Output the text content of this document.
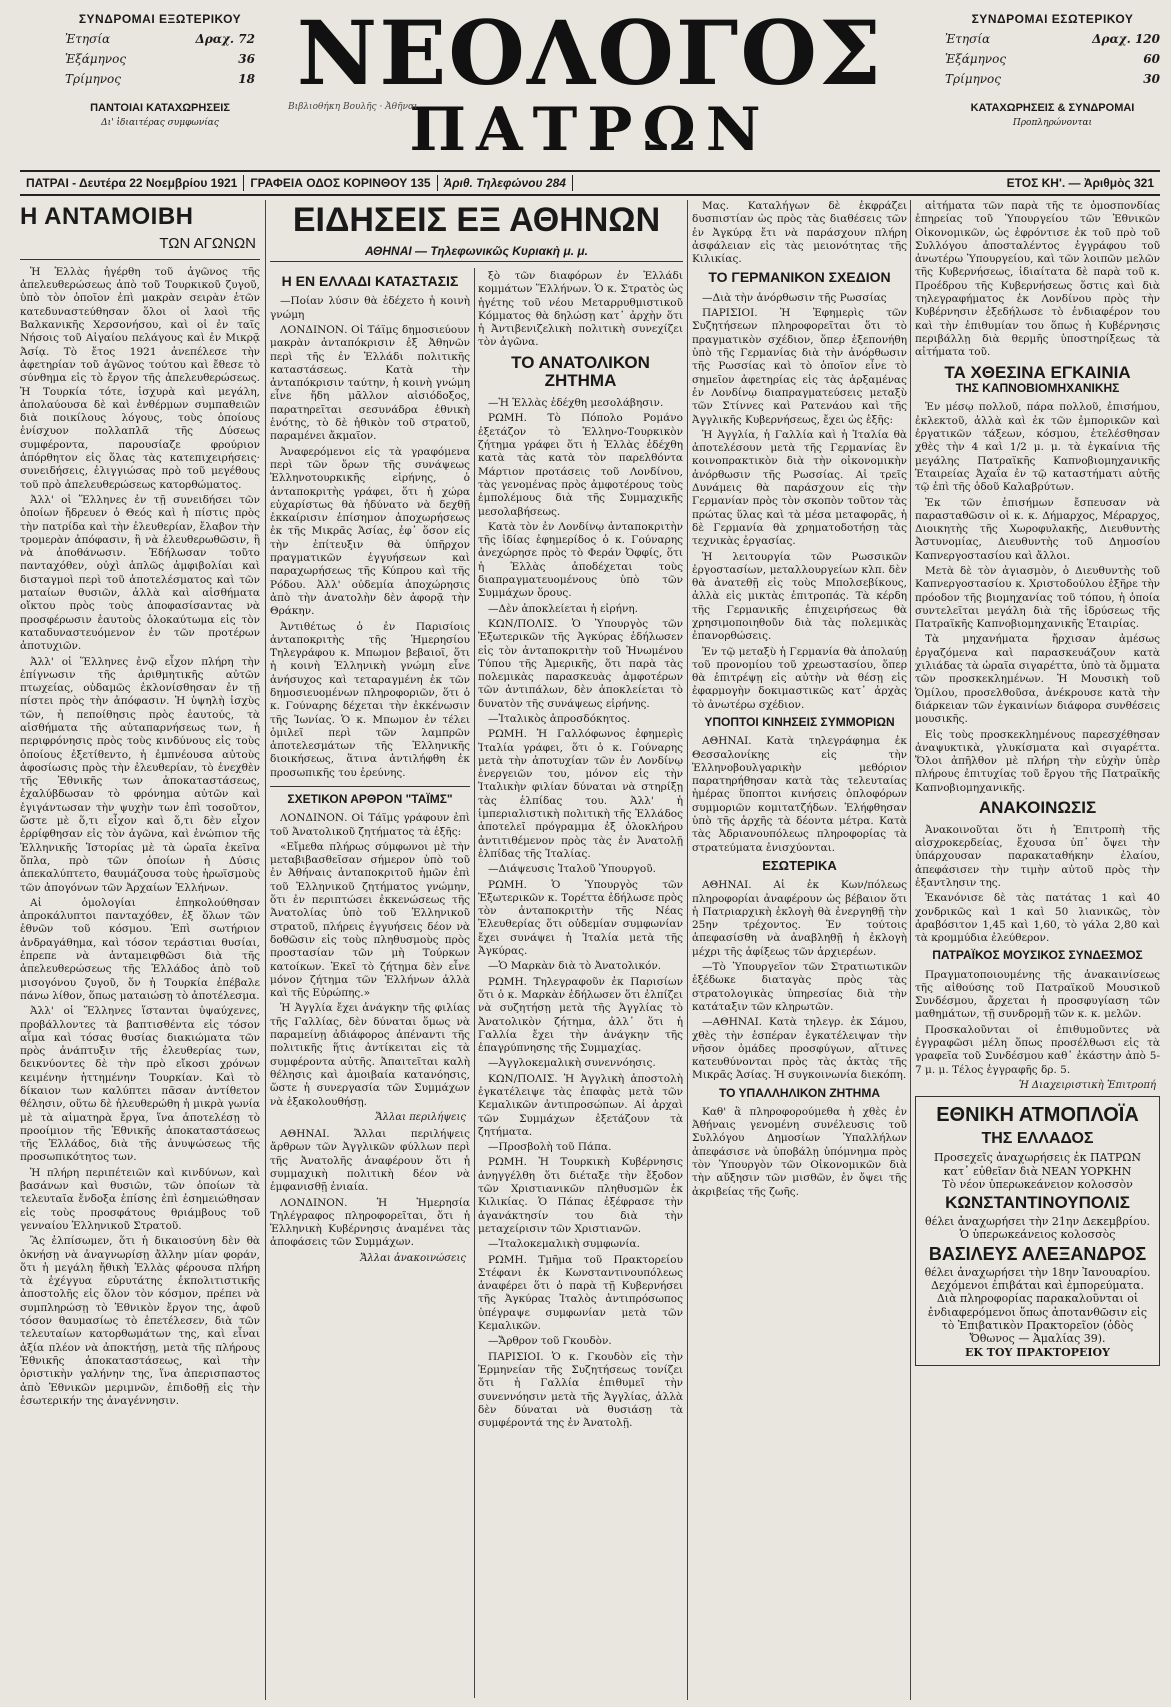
ΣΥΝΔΡΟΜΑΙ ΕΞΩΤΕΡΙΚΟΥ
Ἐτησία	Δραχ. 72
Ἑξάμηνος	36
Τρίμηνος	18
ΠΑΝΤΟΙΑΙ ΚΑΤΑΧΩΡΗΣΕΙΣ
Δι' ἰδιαιτέρας συμφωνίας
ΝΕΟΛΟΓΟΣ
ΠΑΤΡΩΝ
Βιβλιοθήκη Βουλῆς · Ἀθῆναι
ΣΥΝΔΡΟΜΑΙ ΕΣΩΤΕΡΙΚΟΥ
Ἐτησία	Δραχ. 120
Ἑξάμηνος	60
Τρίμηνος	30
ΚΑΤΑΧΩΡΗΣΕΙΣ & ΣΥΝΔΡΟΜΑΙ
Προπληρώνονται
ΠΑΤΡΑΙ - Δευτέρα 22 Νοεμβρίου 1921	ΓΡΑΦΕΙΑ ΟΔΟΣ ΚΟΡΙΝΘΟΥ 135	Ἀριθ. Τηλεφώνου 284	ΕΤΟΣ ΚΗ'. — Ἀριθμὸς 321
Η ΑΝΤΑΜΟΙΒΗ
ΤΩΝ ΑΓΩΝΩΝ

Ἡ Ἑλλὰς ἠγέρθη τοῦ ἀγῶνος τῆς ἀπελευθερώσεως ἀπὸ τοῦ Τουρκικοῦ ζυγοῦ, ὑπὸ τὸν ὁποῖον ἐπὶ μακρὰν σειρὰν ἐτῶν κατεδυναστεύθησαν ὅλοι οἱ λαοὶ τῆς Βαλκανικῆς Χερσονήσου, καὶ οἱ ἐν ταῖς Νήσοις τοῦ Αἰγαίου πελάγους καὶ ἐν Μικρᾷ Ἀσίᾳ. Τὸ ἔτος 1921 ἀνεπέλεσε τὴν ἀφετηρίαν τοῦ ἀγῶνος τούτου καὶ ἔθεσε τὸ σύνθημα εἰς τὸ ἔργον τῆς ἀπελευθερώσεως. Ἡ Τουρκία τότε, ἰσχυρὰ καὶ μεγάλη, ἀπολαύουσα δὲ καὶ ἐνθέρμων συμπαθειῶν διὰ ποικίλους λόγους, τοὺς ὁποίους ἐνίσχυον πολλαπλᾶ τῆς Δύσεως συμφέροντα, παρουσίαζε φρούριον ἀπόρθητον εἰς ὅλας τὰς κατεπιχειρήσεις· συνειδήσεις, ἐλιγγιώσας πρὸ τοῦ μεγέθους τοῦ πρὸ ἀπελευθερώσεως κατορθώματος.

Ἀλλ' οἱ Ἕλληνες ἐν τῇ συνειδήσει τῶν ὁποίων ἤδρευεν ὁ Θεός καὶ ἡ πίστις πρὸς τὴν πατρίδα καὶ τὴν ἐλευθερίαν, ἔλαβον τὴν τρομερὰν ἀπόφασιν, ἢ νὰ ἐλευθερωθῶσιν, ἢ νὰ ἀποθάνωσιν. Ἐδήλωσαν τοῦτο πανταχόθεν, οὐχὶ ἁπλῶς ἀμφιβολίαι καὶ δισταγμοὶ περὶ τοῦ ἀποτελέσματος καὶ τῶν ματαίων θυσιῶν, ἀλλὰ καὶ αἰσθήματα οἴκτου πρὸς τοὺς ἀποφασίσαντας νὰ προσφέρωσιν ἑαυτοὺς ὁλοκαύτωμα εἰς τὸν καταδυναστευόμενον ἐν τῶν προτέρων ἀποτυχιῶν.

Ἀλλ' οἱ Ἕλληνες ἐνῷ εἶχον πλήρη τὴν ἐπίγνωσιν τῆς ἀριθμητικῆς αὐτῶν πτωχείας, οὐδαμῶς ἐκλονίσθησαν ἐν τῇ πίστει πρὸς τὴν ἀπόφασιν. Ἡ ὑψηλὴ ἰσχὺς τῶν, ἡ πεποίθησις πρὸς ἑαυτούς, τὰ αἰσθήματα τῆς αὐταπαρνήσεως των, ἡ περιφρόνησις πρὸς τοὺς κινδύνους εἰς τοὺς ὁποίους ἐξετίθεντο, ἡ ἐμπνέουσα αὐτοὺς ἀφοσίωσις πρὸς τὴν ἐλευθερίαν, τὸ ἐνεχθὲν τῆς Ἐθνικῆς των ἀποκαταστάσεως, ἐχαλύβδωσαν τὸ φρόνημα αὐτῶν καὶ ἐγιγάντωσαν τὴν ψυχὴν των ἐπὶ τοσοῦτον, ὥστε μὲ ὅ,τι εἶχον καὶ ὅ,τι δὲν εἶχον ἐρρίφθησαν εἰς τὸν ἀγῶνα, καὶ ἐνώπιον τῆς Ἑλληνικῆς Ἱστορίας μὲ τὰ ὡραῖα ἐκεῖνα ὅπλα, πρὸ τῶν ὁποίων ἡ Δύσις ἀπεκαλύπτετο, θαυμάζουσα τοὺς ἡρωϊσμοὺς τῶν ἀπογόνων τῶν Ἀρχαίων Ἑλλήνων.

Αἱ ὁμολογίαι ἐπηκολούθησαν ἀπροκάλυπτοι πανταχόθεν, ἐξ ὅλων τῶν ἐθνῶν τοῦ κόσμου. Ἐπὶ σωτήριον ἀνδραγάθημα, καὶ τόσον τεράστιαι θυσίαι, ἐπρεπε νὰ ἀνταμειφθῶσι διὰ τῆς ἀπελευθερώσεως τῆς Ἑλλάδος ἀπὸ τοῦ μισογόνου ζυγοῦ, ὅν ἡ Τουρκία ἐπέβαλε πάνω λίθον, ὅπως ματαιώσῃ τὸ ἀποτέλεσμα.

Ἀλλ' οἱ Ἕλληνες ἵστανται ὑψαύχενες, προβάλλοντες τὰ βαπτισθέντα εἰς τόσον αἷμα καὶ τόσας θυσίας διακιώματα τῶν πρὸς ἀνάπτυξιν τῆς ἐλευθερίας των, δεικνύοντες δὲ τὴν πρὸ εἴκοσι χρόνων κειμένην ἡττημένην Τουρκίαν. Καὶ τὸ δίκαιον των καλύπτει πᾶσαν ἀντίθετον θέλησιν, οὕτω δὲ ἠλευθερώθη ἡ μικρὰ γωνία μὲ τὰ αἱματηρὰ ἔργα, ἵνα ἀποτελέσῃ τὸ προοίμιον τῆς Ἐθνικῆς ἀποκαταστάσεως τῆς Ἑλλάδος, διὰ τῆς ἀνυψώσεως τῆς προσωπικότητος των.

Ἡ πλήρη περιπέτειῶν καὶ κινδύνων, καὶ βασάνων καὶ θυσιῶν, τῶν ὁποίων τὰ τελευταῖα ἔνδοξα ἐπίσης ἐπὶ ἐσημειώθησαν εἰς τοὺς προσφάτους θριάμβους τοῦ γενναίου Ἑλληνικοῦ Στρατοῦ.

Ἂς ἐλπίσωμεν, ὅτι ἡ δικαιοσύνη δὲν θὰ ὀκνήσῃ νὰ ἀναγνωρίσῃ ἄλλην μίαν φοράν, ὅτι ἡ μεγάλη ἤθικὴ Ἑλλὰς φέρουσα πλήρη τὰ ἐχέγγυα εὐρυτάτης ἐκπολιτιστικῆς ἀποστολῆς εἰς ὅλον τὸν κόσμον, πρέπει νὰ συμπληρώσῃ τὸ Ἐθνικὸν ἔργον της, ἀφοῦ τόσον θαυμασίως τὸ ἐπετέλεσεν, διὰ τῶν τελευταίων κατορθωμάτων της, καὶ εἶναι ἀξία πλέον νὰ ἀποκτήσῃ, μετὰ τῆς πλήρους Ἐθνικῆς ἀποκαταστάσεως, καὶ τὴν ὁριστικὴν γαλήνην της, ἵνα ἀπερισπαστος ἀπὸ Ἐθνικῶν μεριμνῶν, ἐπιδοθῇ εἰς τὴν ἐσωτερικήν της ἀναγέννησιν.

ΕΙΔΗΣΕΙΣ ΕΞ ΑΘΗΝΩΝ
ΑΘΗΝΑΙ — Τηλεφωνικῶς Κυριακὴ μ. μ.
Η ΕΝ ΕΛΛΑΔΙ ΚΑΤΑΣΤΑΣΙΣ

—Ποίαν λύσιν θὰ ἐδέχετο ἡ κοινὴ γνώμη

ΛΟΝΔΙΝΟΝ. Οἱ Τάϊμς δημοσιεύουν μακρὰν ἀνταπόκρισιν ἐξ Ἀθηνῶν περὶ τῆς ἐν Ἑλλάδι πολιτικῆς καταστάσεως. Κατὰ τὴν ἀνταπόκρισιν ταύτην, ἡ κοινὴ γνώμη εἶνε ἤδη μᾶλλον αἰσιόδοξος, παρατηρεῖται σεσυνάδρα ἐθνικὴ ἑνότης, τὸ δὲ ἠθικὸν τοῦ στρατοῦ, παραμένει ἄκμαῖον.

Ἀναφερόμενοι εἰς τὰ γραφόμενα περὶ τῶν ὅρων τῆς συνάψεως Ἑλληνοτουρκικῆς εἰρήνης, ὁ ἀνταποκριτὴς γράφει, ὅτι ἡ χώρα εὐχαρίστως θὰ ἠδύνατο νὰ δεχθῇ ἐκκαίρισιν ἐπίσημον ἀποχωρήσεως ἐκ τῆς Μικρᾶς Ἀσίας, ἐφ᾽ ὅσον εἰς τὴν ἐπίτευξιν θὰ ὑπῆρχον πραγματικῶν ἐγγυήσεων καὶ παραχωρήσεως τῆς Κύπρου καὶ τῆς Ρόδου. Ἀλλ' οὐδεμία ἀποχώρησις ἀπὸ τὴν ἀνατολὴν δὲν ἀφορᾷ τὴν Θράκην.

Ἀντιθέτως ὁ ἐν Παρισίοις ἀνταποκριτὴς τῆς Ἡμερησίου Τηλεγράφου κ. Μπωμον βεβαιοῖ, ὅτι ἡ κοινὴ Ἑλληνικὴ γνώμη εἶνε ἀνήσυχος καὶ τεταραγμένη ἐκ τῶν δημοσιευομένων πληροφοριῶν, ὅτι ὁ κ. Γούναρης δέχεται τὴν ἐκκένωσιν τῆς Ἰωνίας. Ὁ κ. Μπωμον ἐν τέλει ὁμιλεῖ περὶ τῶν λαμπρῶν ἀποτελεσμάτων τῆς Ἑλληνικῆς διοικήσεως, ἅτινα ἀντιλήφθη ἐκ προσωπικῆς του ἐρεύνης.

ΣΧΕΤΙΚΟΝ ΑΡΘΡΟΝ "ΤΑΪΜΣ"

ΛΟΝΔΙΝΟΝ. Οἱ Τάϊμς γράφουν ἐπὶ τοῦ Ἀνατολικοῦ ζητήματος τὰ ἑξῆς:

«Εἴμεθα πλήρως σύμφωνοι μὲ τὴν μεταβιβασθεῖσαν σήμερον ὑπὸ τοῦ ἐν Ἀθήναις ἀνταποκριτοῦ ἡμῶν ἐπὶ τοῦ Ἑλληνικοῦ ζητήματος γνώμην, ὅτι ἐν περιπτώσει ἐκκενώσεως τῆς Ἀνατολίας ὑπὸ τοῦ Ἑλληνικοῦ στρατοῦ, πλήρεις ἐγγυήσεις δέον νὰ δοθῶσιν εἰς τοὺς πληθυσμοὺς πρὸς προστασίαν τῶν μὴ Τούρκων κατοίκων. Ἐκεῖ τὸ ζήτημα δὲν εἶνε μόνον ζήτημα τῶν Ἑλλήνων ἀλλὰ καὶ τῆς Εὐρώπης.»

Ἡ Ἀγγλία ἔχει ἀνάγκην τῆς φιλίας τῆς Γαλλίας, δὲν δύναται ὅμως νὰ παραμείνῃ ἀδιάφορος ἀπέναντι τῆς πολιτικῆς ἥτις ἀντίκειται εἰς τὰ συμφέροντα αὐτῆς. Ἀπαιτεῖται καλὴ θέλησις καὶ ἀμοιβαία κατανόησις, ὥστε ἡ συνεργασία τῶν Συμμάχων νὰ ἐξακολουθήσῃ.

Ἄλλαι περιλήψεις

ΑΘΗΝΑΙ. Ἄλλαι περιλήψεις ἄρθρων τῶν Ἀγγλικῶν φύλλων περὶ τῆς Ἀνατολῆς ἀναφέρουν ὅτι ἡ συμμαχικὴ πολιτικὴ δέον νὰ ἐμφανισθῇ ἐνιαία.

ΛΟΝΔΙΝΟΝ. Ἡ Ἡμερησία Τηλέγραφος πληροφορεῖται, ὅτι ἡ Ἑλληνικὴ Κυβέρνησις ἀναμένει τὰς ἀποφάσεις τῶν Συμμάχων.

Ἄλλαι ἀνακοινώσεις

ξὸ τῶν διαφόρων ἐν Ἑλλάδι κομμάτων Ἕλλήνων. Ὁ κ. Στρατὸς ὡς ἡγέτης τοῦ νέου Μεταρρυθμιστικοῦ Κόμματος θὰ δηλώσῃ κατ᾽ ἀρχὴν ὅτι ἡ Ἀντιβενιζελικὴ πολιτικὴ συνεχίζει τὸν ἀγῶνα.

ΤΟ ΑΝΑΤΟΛΙΚΟΝ ΖΗΤΗΜΑ

—Ἡ Ἑλλὰς ἐδέχθη μεσολάβησιν.

ΡΩΜΗ. Τὸ Πόπολο Ρομάνο ἐξετάζον τὸ Ἑλληνο-Τουρκικὸν ζήτημα γράφει ὅτι ἡ Ἑλλὰς ἐδέχθη κατὰ τὰς κατὰ τὸν παρελθόντα Μάρτιον προτάσεις τοῦ Λονδίνου, τὰς γενομένας πρὸς ἀμφοτέρους τοὺς ἐμπολέμους διὰ τῆς Συμμαχικῆς μεσολαβήσεως.

Κατὰ τὸν ἐν Λονδίνῳ ἀνταποκριτὴν τῆς ἰδίας ἐφημερίδος ὁ κ. Γούναρης ἀνεχώρησε πρὸς τὸ Φεράν Ὀφφίς, ὅτι ἡ Ἑλλὰς ἀποδέχεται τοὺς διαπραγματευομένους ὑπὸ τῶν Συμμάχων ὅρους.

—Δὲν ἀποκλείεται ἡ εἰρήνη.

ΚΩΝ/ΠΟΛΙΣ. Ὁ Ὑπουργὸς τῶν Ἐξωτερικῶν τῆς Ἀγκύρας ἐδήλωσεν εἰς τὸν ἀνταποκριτὴν τοῦ Ἡνωμένου Τύπου τῆς Ἀμερικῆς, ὅτι παρὰ τὰς πολεμικὰς παρασκευὰς ἀμφοτέρων τῶν ἀντιπάλων, δὲν ἀποκλείεται τὸ δυνατὸν τῆς συνάψεως εἰρήνης.

—Ἰταλικὸς ἀπροσδόκητος.

ΡΩΜΗ. Ἡ Γαλλόφωνος ἐφημερὶς Ἰταλία γράφει, ὅτι ὁ κ. Γούναρης μετὰ τὴν ἀποτυχίαν τῶν ἐν Λονδίνῳ ἐνεργειῶν του, μόνον εἰς τὴν Ἰταλικὴν φιλίαν δύναται νὰ στηρίξῃ τὰς ἐλπίδας του. Ἀλλ' ἡ ἱμπεριαλιστικὴ πολιτικὴ τῆς Ἑλλάδος ἀποτελεῖ πρόγραμμα ἐξ ὁλοκλήρου ἀντιτιθέμενον πρὸς τὰς ἐν Ἀνατολῇ ἐλπίδας τῆς Ἰταλίας.

—Διάψευσις Ἰταλοῦ Ὑπουργοῦ.

ΡΩΜΗ. Ὁ Ὑπουργὸς τῶν Ἐξωτερικῶν κ. Τορέττα ἐδήλωσε πρὸς τὸν ἀνταποκριτὴν τῆς Νέας Ἐλευθερίας ὅτι οὐδεμίαν συμφωνίαν ἔχει συνάψει ἡ Ἰταλία μετὰ τῆς Ἀγκύρας.

—Ὁ Μαρκὰν διὰ τὸ Ἀνατολικόν.

ΡΩΜΗ. Τηλεγραφοῦν ἐκ Παρισίων ὅτι ὁ κ. Μαρκὰν ἐδήλωσεν ὅτι ἐλπίζει νὰ συζητήσῃ μετὰ τῆς Ἀγγλίας τὸ Ἀνατολικὸν ζήτημα, ἀλλ᾽ ὅτι ἡ Γαλλία ἔχει τὴν ἀνάγκην τῆς ἐπαγρύπνησης τῆς Συμμαχίας.

—Ἀγγλοκεμαλικὴ συνεννόησις.

ΚΩΝ/ΠΟΛΙΣ. Ἡ Ἀγγλικὴ ἀποστολὴ ἐγκατέλειψε τὰς ἐπαφὰς μετὰ τῶν Κεμαλικῶν ἀντιπροσώπων. Αἱ ἀρχαὶ τῶν Συμμάχων ἐξετάζουν τὰ ζητήματα.

—Προσβολὴ τοῦ Πάπα.

ΡΩΜΗ. Ἡ Τουρκικὴ Κυβέρνησις ἀνηγγέλθη ὅτι διέταξε τὴν ἔξοδον τῶν Χριστιανικῶν πληθυσμῶν ἐκ Κιλικίας. Ὁ Πάπας ἐξέφρασε τὴν ἀγανάκτησίν του διὰ τὴν μεταχείρισιν τῶν Χριστιανῶν.

—Ἰταλοκεμαλικὴ συμφωνία.

ΡΩΜΗ. Τμῆμα τοῦ Πρακτορείου Στέφανι ἐκ Κωνσταντινουπόλεως ἀναφέρει ὅτι ὁ παρὰ τῇ Κυβερνήσει τῆς Ἀγκύρας Ἰταλὸς ἀντιπρόσωπος ὑπέγραψε συμφωνίαν μετὰ τῶν Κεμαλικῶν.

—Ἄρθρον τοῦ Γκουδὸν.

ΠΑΡΙΣΙΟΙ. Ὁ κ. Γκουδὸν εἰς τὴν Ἐρμηνείαν τῆς Συζητήσεως τονίζει ὅτι ἡ Γαλλία ἐπιθυμεῖ τὴν συνεννόησιν μετὰ τῆς Ἀγγλίας, ἀλλὰ δὲν δύναται νὰ θυσιάσῃ τὰ συμφέροντά της ἐν Ἀνατολῇ.

Μας. Καταλήγων δὲ ἐκφράζει δυσπιστίαν ὡς πρὸς τὰς διαθέσεις τῶν ἐν Ἀγκύρᾳ ἔτι νὰ παράσχουν πλήρη ἀσφάλειαν εἰς τὰς μειονότητας τῆς Κιλικίας.

ΤΟ ΓΕΡΜΑΝΙΚΟΝ ΣΧΕΔΙΟΝ

—Διὰ τὴν ἀνόρθωσιν τῆς Ρωσσίας

ΠΑΡΙΣΙΟΙ. Ἡ Ἐφημερὶς τῶν Συζητήσεων πληροφορεῖται ὅτι τὸ πραγματικὸν σχέδιον, ὅπερ ἐξεπονήθη ὑπὸ τῆς Γερμανίας διὰ τὴν ἀνόρθωσιν τῆς Ρωσσίας καὶ τὸ ὁποῖον εἶνε τὸ σημεῖον ἀφετηρίας εἰς τὰς ἀρξαμένας ἐν Λονδίνῳ διαπραγματεύσεις μεταξὺ τῶν Στίννες καὶ Ρατενάου καὶ τῆς Ἀγγλικῆς Κυβερνήσεως, ἔχει ὡς ἑξῆς:

Ἡ Ἀγγλία, ἡ Γαλλία καὶ ἡ Ἰταλία θὰ ἀποτελέσουν μετὰ τῆς Γερμανίας ἓν κοινοπρακτικὸν διὰ τὴν οἰκονομικὴν ἀνόρθωσιν τῆς Ρωσσίας. Αἱ τρεῖς Δυνάμεις θὰ παράσχουν εἰς τὴν Γερμανίαν πρὸς τὸν σκοπὸν τοῦτον τὰς πρώτας ὕλας καὶ τὰ μέσα μεταφορᾶς, ἡ δὲ Γερμανία θὰ χρηματοδοτήσῃ τὰς τεχνικὰς ἐργασίας.

Ἡ λειτουργία τῶν Ρωσσικῶν ἐργοστασίων, μεταλλουργείων κλπ. δὲν θὰ ἀνατεθῇ εἰς τοὺς Μπολσεβίκους, ἀλλὰ εἰς μικτὰς ἐπιτροπάς. Τὰ κέρδη τῆς Γερμανικῆς ἐπιχειρήσεως θὰ χρησιμοποιηθοῦν διὰ τὰς πολεμικὰς ἐπανορθώσεις.

Ἐν τῷ μεταξὺ ἡ Γερμανία θὰ ἀπολαύῃ τοῦ προνομίου τοῦ χρεωστασίου, ὅπερ θὰ ἐπιτρέψῃ εἰς αὐτὴν νὰ θέσῃ εἰς ἐφαρμογὴν δοκιμαστικῶς κατ᾽ ἀρχὰς τὸ ἀνωτέρω σχέδιον.

ΥΠΟΠΤΟΙ ΚΙΝΗΣΕΙΣ ΣΥΜΜΟΡΙΩΝ

ΑΘΗΝΑΙ. Κατὰ τηλεγράφημα ἐκ Θεσσαλονίκης εἰς τὴν Ἑλληνοβουλγαρικὴν μεθόριον παρατηρήθησαν κατὰ τὰς τελευταίας ἡμέρας ὕποπτοι κινήσεις ὁπλοφόρων συμμοριῶν κομιτατζήδων. Ἐλήφθησαν ὑπὸ τῆς ἀρχῆς τὰ δέοντα μέτρα. Κατὰ τὰς Ἀδριανουπόλεως πληροφορίας τὰ στρατεύματα ἐνισχύονται.

ΕΣΩΤΕΡΙΚΑ

ΑΘΗΝΑΙ. Αἱ ἐκ Κων/πόλεως πληροφορίαι ἀναφέρουν ὡς βέβαιον ὅτι ἡ Πατριαρχικὴ ἐκλογὴ θὰ ἐνεργηθῇ τὴν 25ην τρέχοντος. Ἐν τούτοις ἀπεφασίσθη νὰ ἀναβληθῇ ἡ ἐκλογὴ μέχρι τῆς ἀφίξεως τῶν ἀρχιερέων.

—Τὸ Ὑπουργεῖον τῶν Στρατιωτικῶν ἐξέδωκε διαταγὰς πρὸς τὰς στρατολογικὰς ὑπηρεσίας διὰ τὴν κατάταξιν τῶν κληρωτῶν.

—ΑΘΗΝΑΙ. Κατὰ τηλεγρ. ἐκ Σάμου, χθὲς τὴν ἑσπέραν ἐγκατέλειψαν τὴν νῆσον ὁμάδες προσφύγων, αἵτινες κατευθύνονται πρὸς τὰς ἀκτὰς τῆς Μικρᾶς Ἀσίας. Ἡ συγκοινωνία διεκόπη.

ΤΟ ΥΠΑΛΛΗΛΙΚΟΝ ΖΗΤΗΜΑ

Καθ' ἃ πληροφορούμεθα ἡ χθὲς ἐν Ἀθήναις γενομένη συνέλευσις τοῦ Συλλόγου Δημοσίων Ὑπαλλήλων ἀπεφάσισε νὰ ὑποβάλῃ ὑπόμνημα πρὸς τὸν Ὑπουργὸν τῶν Οἰκονομικῶν διὰ τὴν αὔξησιν τῶν μισθῶν, ἐν ὄψει τῆς ἀκριβείας τῆς ζωῆς.

αἰτήματα τῶν παρὰ τῆς τε ὁμοσπονδίας ἐπηρείας τοῦ Ὑπουργείου τῶν Ἐθνικῶν Οἰκονομικῶν, ὡς ἐφρόντισε ἐκ τοῦ πρὸ τοῦ Συλλόγου ἀποσταλέντος ἐγγράφου τοῦ ἀνωτέρω Ὑπουργείου, καὶ τῶν λοιπῶν μελῶν τῆς Κυβερνήσεως, ἰδιαίτατα δὲ παρὰ τοῦ κ. Προέδρου τῆς Κυβερνήσεως ὅστις καὶ διὰ τηλεγραφήματος ἐκ Λονδίνου πρὸς τὴν Κυβέρνησιν ἐξεδήλωσε τὸ ἐνδιαφέρον του καὶ τὴν ἐπιθυμίαν του ὅπως ἡ Κυβέρνησις περιβάλλῃ διὰ θερμῆς ὑποστηρίξεως τὰ αἰτήματα τοῦ.

ΤΑ ΧΘΕΣΙΝΑ ΕΓΚΑΙΝΙΑ
ΤΗΣ ΚΑΠΝΟΒΙΟΜΗΧΑΝΙΚΗΣ

Ἐν μέσῳ πολλοῦ, πάρα πολλοῦ, ἐπισήμου, ἐκλεκτοῦ, ἀλλὰ καὶ ἐκ τῶν ἐμπορικῶν καὶ ἐργατικῶν τάξεων, κόσμου, ἐτελέσθησαν χθὲς τὴν 4 καὶ 1/2 μ. μ. τὰ ἐγκαίνια τῆς μεγάλης Πατραϊκῆς Καπνοβιομηχανικῆς Ἑταιρείας Ἀχαΐα ἐν τῷ καταστήματι αὐτῆς τῷ ἐπὶ τῆς ὁδοῦ Καλαβρύτων.

Ἐκ τῶν ἐπισήμων ἔσπευσαν νὰ παρασταθῶσιν οἱ κ. κ. Δήμαρχος, Μέραρχος, Διοικητὴς τῆς Χωροφυλακῆς, Διευθυντὴς Ἀστυνομίας, Διευθυντὴς τοῦ Δημοσίου Καπνεργοστασίου καὶ ἄλλοι.

Μετὰ δὲ τὸν ἁγιασμὸν, ὁ Διευθυντὴς τοῦ Καπνεργοστασίου κ. Χριστοδούλου ἐξῆρε τὴν πρόοδον τῆς βιομηχανίας τοῦ τόπου, ἡ ὁποία συντελεῖται μεγάλη διὰ τῆς ἱδρύσεως τῆς Πατραϊκῆς Καπνοβιομηχανικῆς Ἑταιρίας.

Τὰ μηχανήματα ἤρχισαν ἀμέσως ἐργαζόμενα καὶ παρασκευάζουν κατὰ χιλιάδας τὰ ὡραῖα σιγαρέττα, ὑπὸ τὰ ὄμματα τῶν προσκεκλημένων. Ἡ Μουσικὴ τοῦ Ὁμίλου, προσελθοῦσα, ἀνέκρουσε κατὰ τὴν διάρκειαν τῶν ἐγκαινίων διάφορα συνθέσεις μουσικῆς.

Εἰς τοὺς προσκεκλημένους παρεσχέθησαν ἀναψυκτικὰ, γλυκίσματα καὶ σιγαρέττα. Ὅλοι ἀπῆλθον μὲ πλήρη τὴν εὐχὴν ὑπὲρ πλήρους ἐπιτυχίας τοῦ ἔργου τῆς Πατραϊκῆς Καπνοβιομηχανικῆς.

ΑΝΑΚΟΙΝΩΣΙΣ

Ἀνακοινοῦται ὅτι ἡ Ἐπιτροπὴ τῆς αἰσχροκερδείας, ἔχουσα ὑπ᾽ ὄψει τὴν ὑπάρχουσαν παρακαταθήκην ἐλαίου, ἀπεφάσισεν τὴν τιμὴν αὐτοῦ πρὸς τὴν ἐξαντλησιν της.

Ἐκανόνισε δὲ τὰς πατάτας 1 καὶ 40 χονδρικῶς καὶ 1 καὶ 50 λιανικῶς, τὸν ἀραβόσιτον 1,45 καὶ 1,60, τὸ γάλα 2,80 καὶ τὰ κρομμύδια ἐλεύθερον.

ΠΑΤΡΑΪΚΟΣ ΜΟΥΣΙΚΟΣ ΣΥΝΔΕΣΜΟΣ

Πραγματοποιουμένης τῆς ἀνακαινίσεως τῆς αἰθούσης τοῦ Πατραϊκοῦ Μουσικοῦ Συνδέσμου, ἄρχεται ἡ προσφυγίαση τῶν μαθημάτων, τῇ συνδρομῇ τῶν κ. κ. μελῶν.

Προσκαλοῦνται οἱ ἐπιθυμοῦντες νὰ ἐγγραφῶσι μέλη ὅπως προσέλθωσι εἰς τὰ γραφεῖα τοῦ Συνδέσμου καθ᾽ ἑκάστην ἀπὸ 5-7 μ. μ. Τέλος ἐγγραφῆς δρ. 5.

Ἡ Διαχειριστικὴ Ἐπιτροπή
ΕΘΝΙΚΗ ΑΤΜΟΠΛΟΪΑ
ΤΗΣ ΕΛΛΑΔΟΣ
Προσεχεῖς ἀναχωρήσεις ἐκ ΠΑΤΡΩΝ κατ᾽ εὐθεῖαν διὰ ΝΕΑΝ ΥΟΡΚΗΝ
Τὸ νέον ὑπερωκεάνειον κολοσσὸν
ΚΩΝΣΤΑΝΤΙΝΟΥΠΟΛΙΣ
θέλει ἀναχωρήσει τὴν 21ην Δεκεμβρίου.
Ὁ ὑπερωκεάνειος κολοσσὸς
ΒΑΣΙΛΕΥΣ ΑΛΕΞΑΝΔΡΟΣ
θέλει ἀναχωρήσει τὴν 18ην Ἰανουαρίου.
Δεχόμενοι ἐπιβάται καὶ ἐμπορεύματα.
Διὰ πληροφορίας παρακαλοῦνται οἱ ἐνδιαφερόμενοι ὅπως ἀποτανθῶσιν εἰς τὸ Ἐπιβατικὸν Πρακτορεῖον (ὁδὸς Ὄθωνος — Ἀμαλίας 39).
ΕΚ ΤΟΥ ΠΡΑΚΤΟΡΕΙΟΥ
